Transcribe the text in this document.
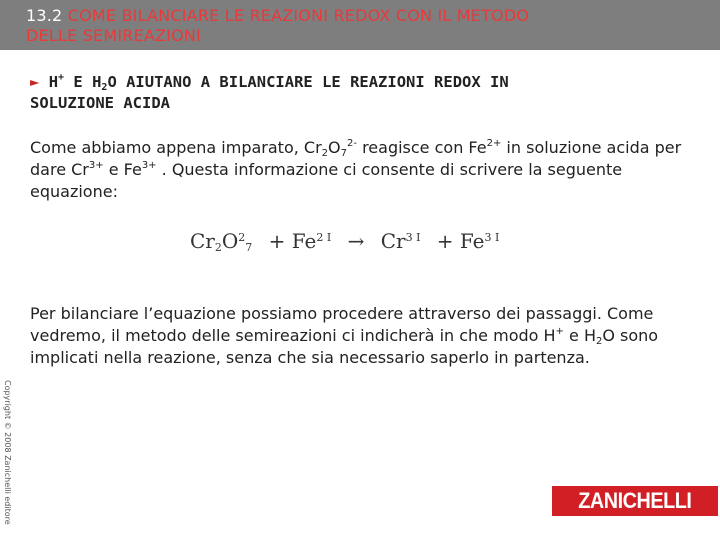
13.2 COME BILANCIARE LE REAZIONI REDOX CON IL METODO
DELLE SEMIREAZIONI
► H+ E $H_2O$ AIUTANO A BILANCIARE LE REAZIONI REDOX IN
SOLUZIONE ACIDA
Come abbiamo appena imparato, $Cr_2O_7^{2-}$ reagisce con $Fe^{2+}$ in soluzione acida per dare $Cr^{3+}$ e $Fe^{3+}$ . Questa informazione ci consente di scrivere la seguente equazione:
$Cr_2O^2_7 + Fe^{2 I} \to Cr^{3 I} + Fe^{3 I}$
Per bilanciare l’equazione possiamo procedere attraverso dei passaggi. Come vedremo, il metodo delle semireazioni ci indicherà in che modo H+ e $H_2O$ sono implicati nella reazione, senza che sia necessario saperlo in partenza.
Copyright © 2008 Zanichelli editore	ZANICHELLI
